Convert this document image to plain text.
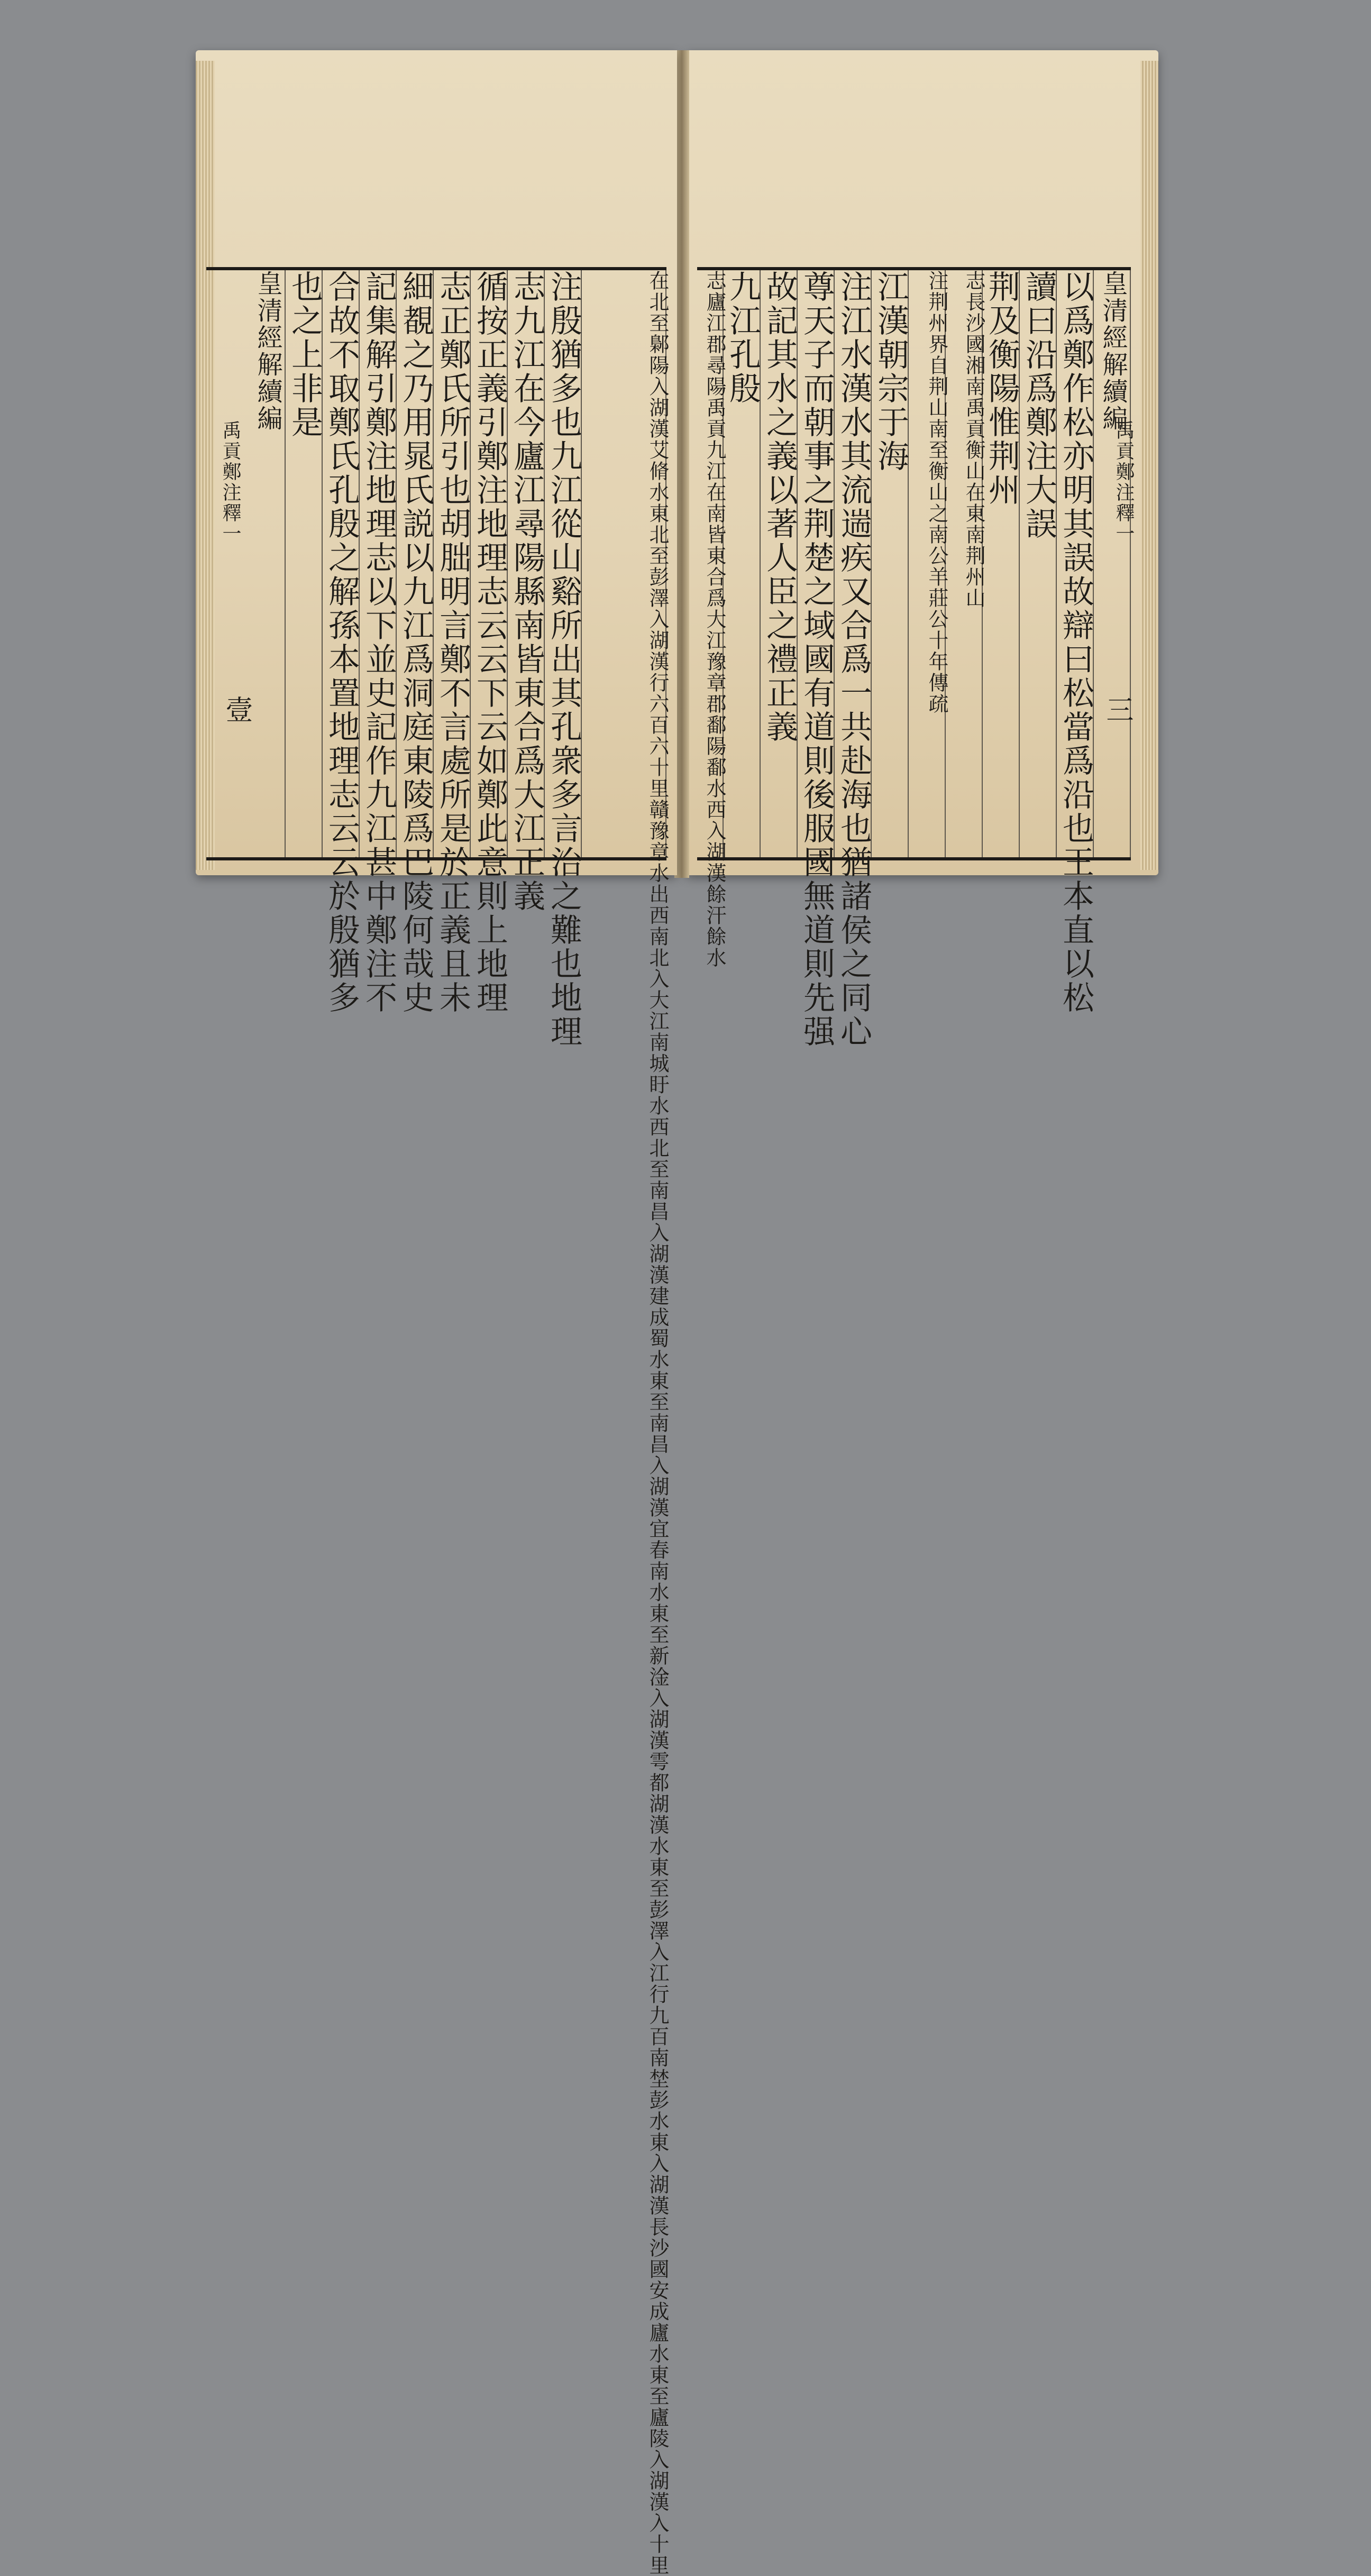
皇清經解續編
以爲鄭作松亦明其誤故辯曰松當爲沿也王本直以松
讀曰沿爲鄭注大誤
荆及衡陽惟荆州
志長沙國湘南禹貢衡山在東南荆州山
注荆州界自荆山南至衡山之南公羊莊公十年傳疏
江漢朝宗于海
注江水漢水其流遄疾又合爲一共赴海也猶諸侯之同心
尊天子而朝事之荆楚之域國有道則後服國無道則先强
故記其水之義以著人臣之禮正義
九江孔殷
志廬江郡尋陽禹貢九江在南皆東合爲大江豫章郡鄱陽鄱水西入湖漢餘汗餘水	三
禹貢鄭注釋一
在北至鄡陽入湖漢艾脩水東北至彭澤入湖漢行六百六十里贛豫章水出西南北入大江南城盱水西北至南昌入湖漢建成蜀水東至南昌入湖漢宜春南水東至新淦入湖漢雩都湖漢水東至彭澤入江行九百南埜彭水東入湖漢長沙國安成廬水東至廬陵入湖漢入十里
注殷猶多也九江從山谿所出其孔衆多言治之難也地理
志九江在今廬江尋陽縣南皆東合爲大江正義
循按正義引鄭注地理志云云下云如鄭此意則上地理
志正鄭氏所引也胡朏明言鄭不言處所是於正義且未
細覩之乃用晁氏説以九江爲洞庭東陵爲巴陵何哉史
記集解引鄭注地理志以下並史記作九江甚中鄭注不
合故不取鄭氏孔殷之解孫本置地理志云云於殷猶多
也之上非是
皇清經解續編
壹
禹貢鄭注釋一
